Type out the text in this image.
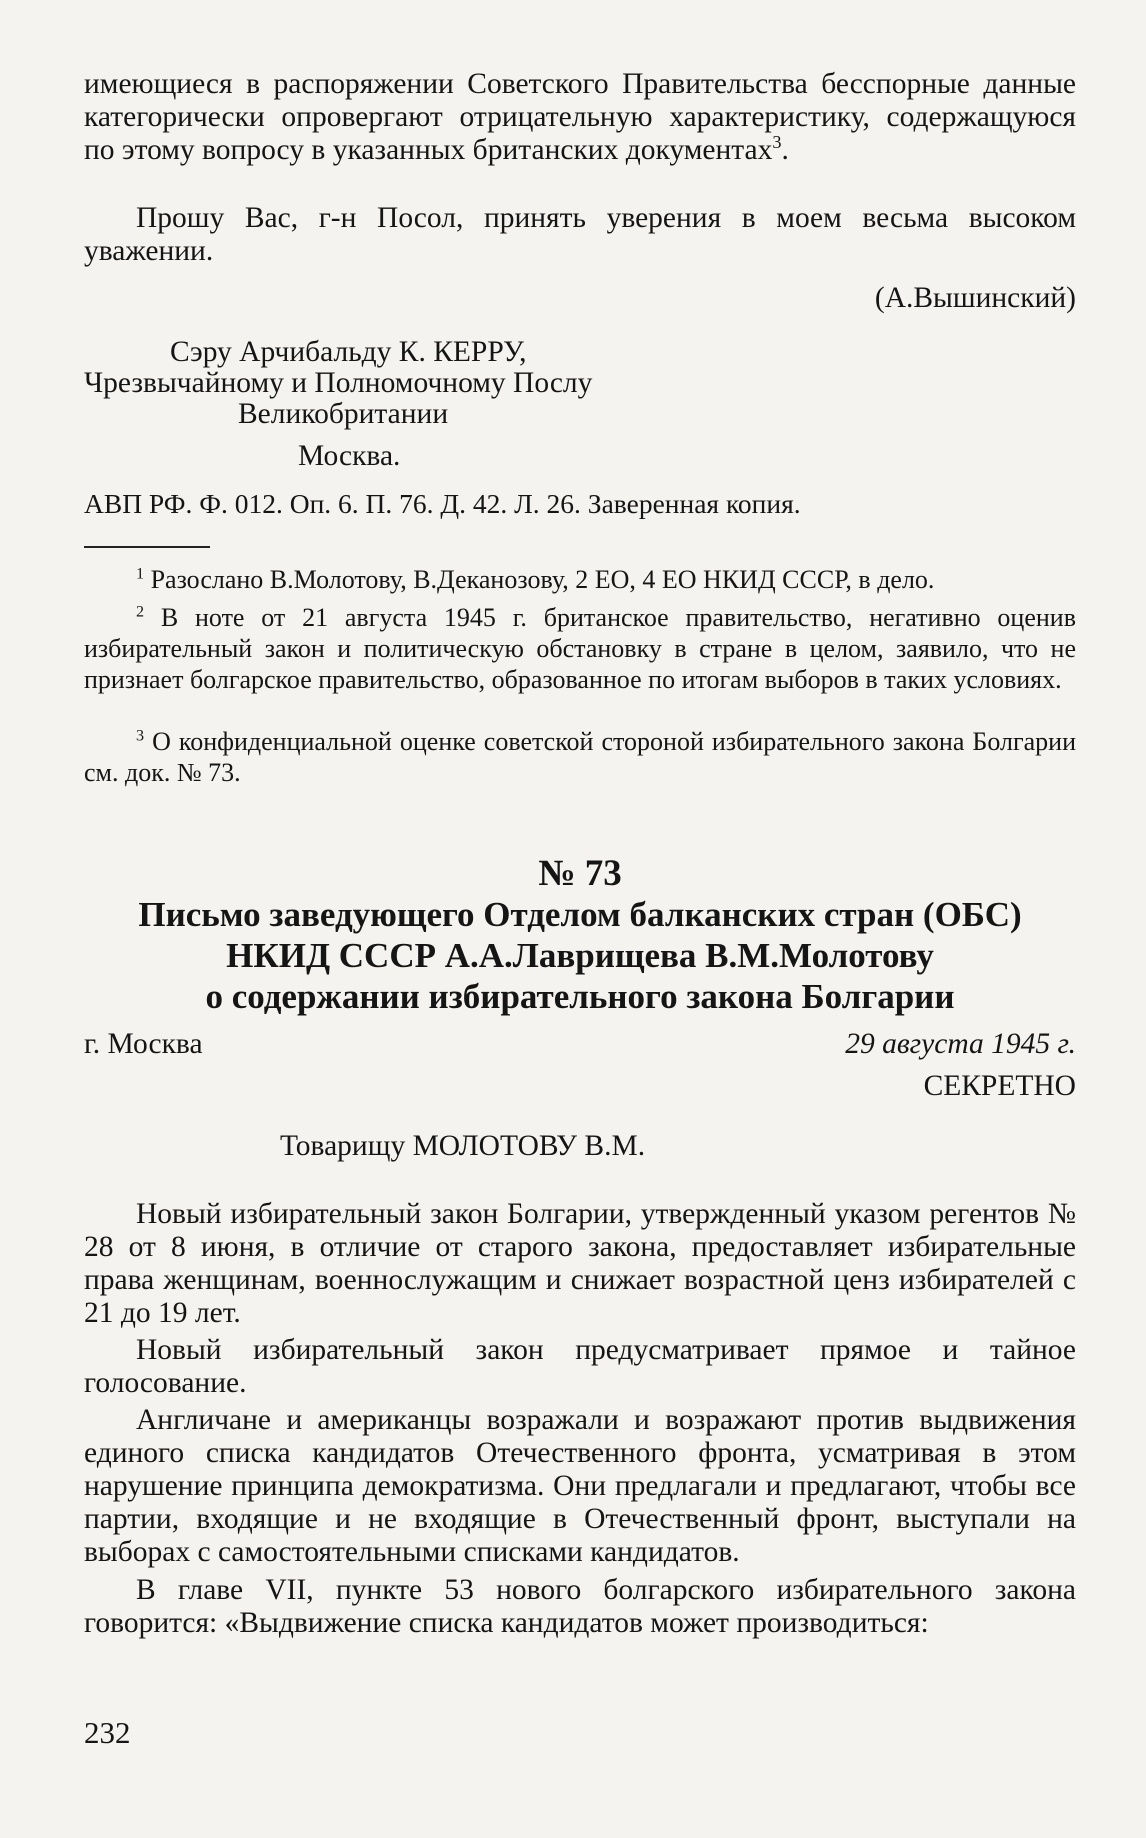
имеющиеся в распоряжении Советского Правительства бесспорные данные категорически опровергают отрицательную характеристику, содержащуюся по этому вопросу в указанных британских документах$^3$.
Прошу Вас, г-н Посол, принять уверения в моем весьма высоком уважении.
(А.Вышинский)
Сэру Арчибальду К. КЕРРУ,
Чрезвычайному и Полномочному Послу
Великобритании
Москва.
АВП РФ. Ф. 012. Оп. 6. П. 76. Д. 42. Л. 26. Заверенная копия.
$^1$ Разослано В.Молотову, В.Деканозову, 2 ЕО, 4 ЕО НКИД СССР, в дело.
$^2$ В ноте от 21 августа 1945 г. британское правительство, негативно оценив избирательный закон и политическую обстановку в стране в целом, заявило, что не признает болгарское правительство, образованное по итогам выборов в таких условиях.
$^3$ О конфиденциальной оценке советской стороной избирательного закона Болгарии см. док. № 73.
№ 73
Письмо заведующего Отделом балканских стран (ОБС)
НКИД СССР А.А.Лаврищева В.М.Молотову
о содержании избирательного закона Болгарии
г. Москва	29 августа 1945 г.
СЕКРЕТНО
Товарищу МОЛОТОВУ В.М.
Новый избирательный закон Болгарии, утвержденный указом регентов № 28 от 8 июня, в отличие от старого закона, предоставляет избирательные права женщинам, военнослужащим и снижает возрастной ценз избирателей с 21 до 19 лет.
Новый избирательный закон предусматривает прямое и тайное голосование.
Англичане и американцы возражали и возражают против выдвижения единого списка кандидатов Отечественного фронта, усматривая в этом нарушение принципа демократизма. Они предлагали и предлагают, чтобы все партии, входящие и не входящие в Отечественный фронт, выступали на выборах с самостоятельными списками кандидатов.
В главе VII, пункте 53 нового болгарского избирательного закона говорится: «Выдвижение списка кандидатов может производиться:
232
